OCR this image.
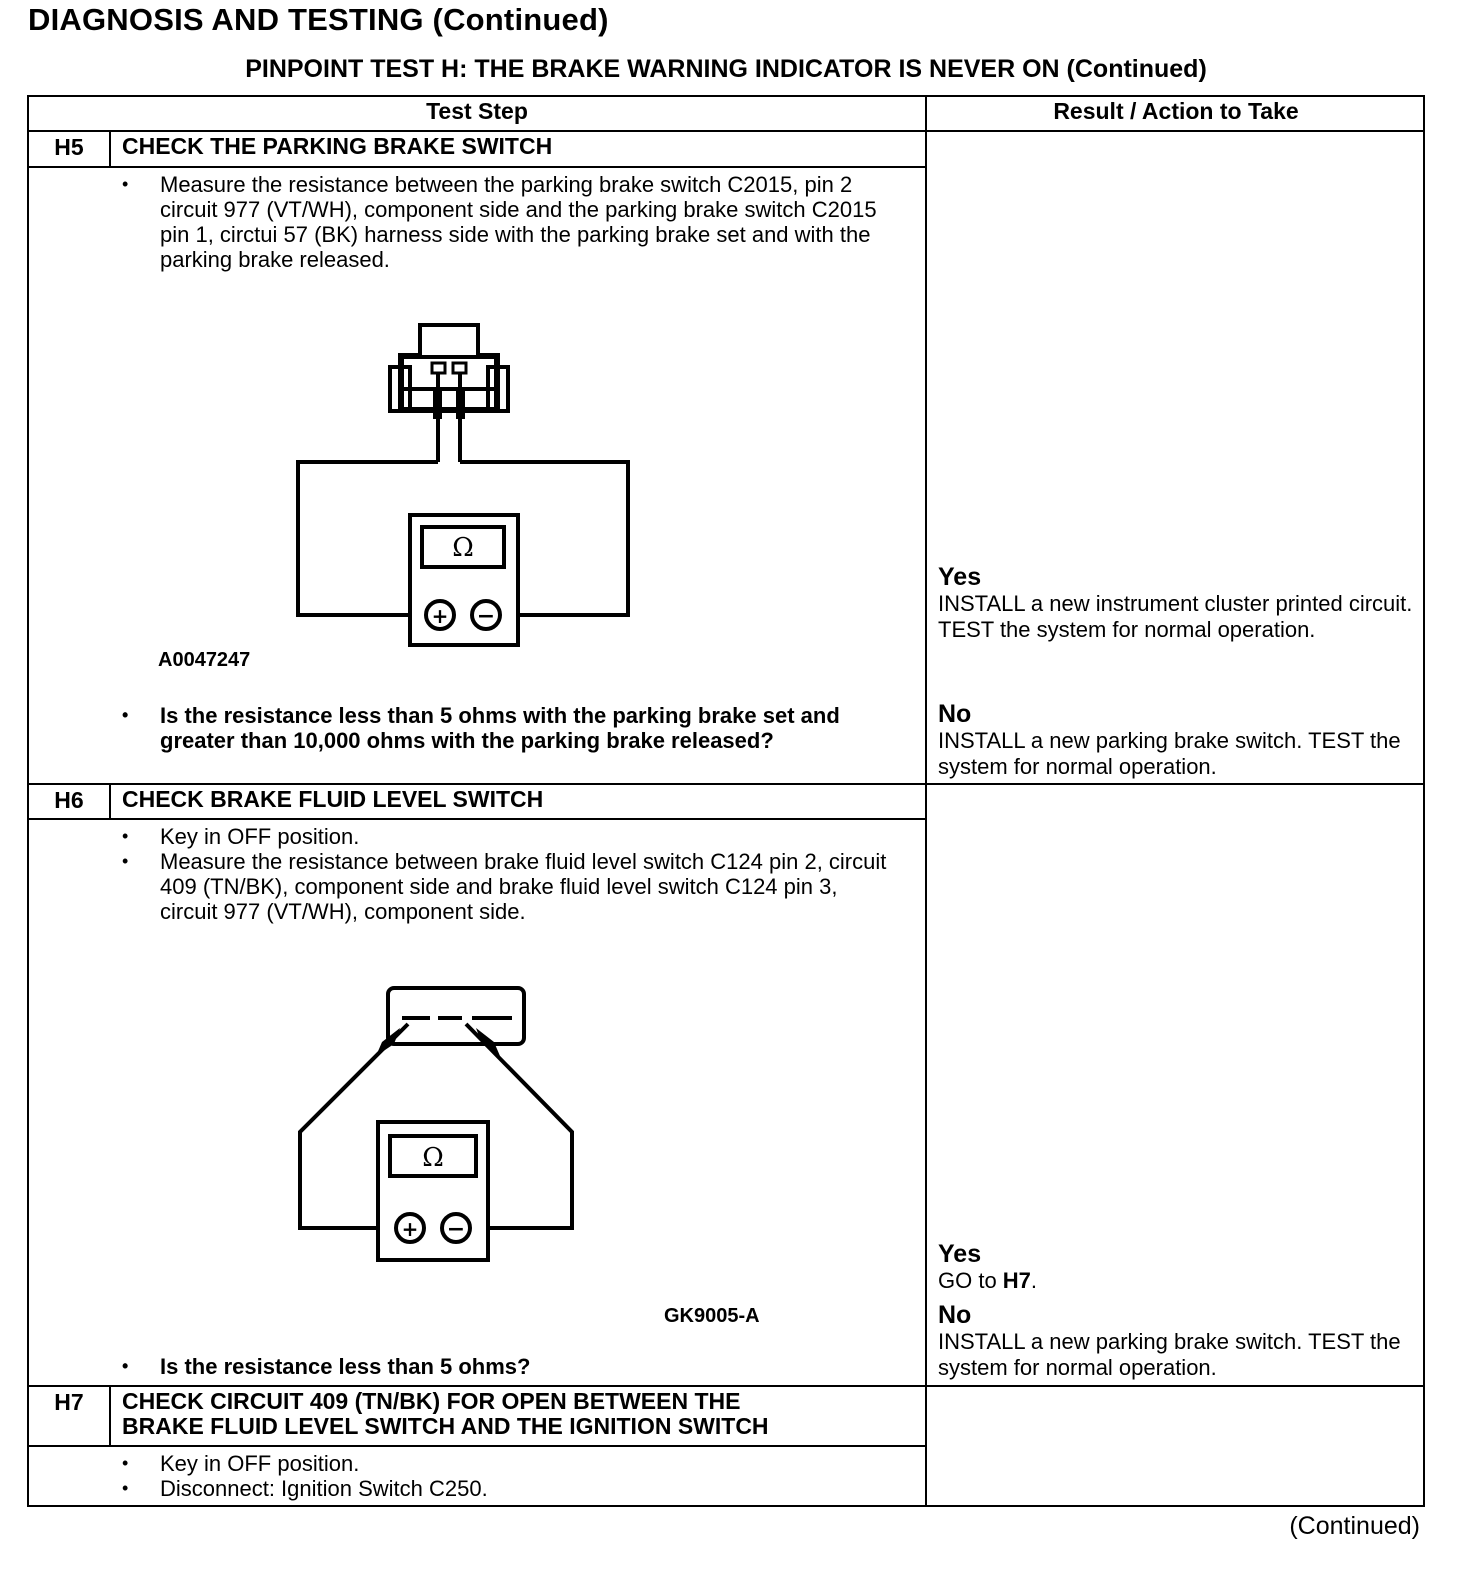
DIAGNOSIS AND TESTING (Continued)
PINPOINT TEST H: THE BRAKE WARNING INDICATOR IS NEVER ON (Continued)
Test Step	Result / Action to Take
H5	CHECK THE PARKING BRAKE SWITCH
• Measure the resistance between the parking brake switch C2015, pin 2 circuit 977 (VT/WH), component side and the parking brake switch C2015 pin 1, circtui 57 (BK) harness side with the parking brake set and with the parking brake released.
Ω
+ −
A0047247
• Is the resistance less than 5 ohms with the parking brake set and greater than 10,000 ohms with the parking brake released?
Yes
INSTALL a new instrument cluster printed circuit. TEST the system for normal operation.
No
INSTALL a new parking brake switch. TEST the system for normal operation.
H6	CHECK BRAKE FLUID LEVEL SWITCH
• Key in OFF position.
• Measure the resistance between brake fluid level switch C124 pin 2, circuit 409 (TN/BK), component side and brake fluid level switch C124 pin 3, circuit 977 (VT/WH), component side.
Ω
+ −
GK9005-A
• Is the resistance less than 5 ohms?
Yes
GO to H7.
No
INSTALL a new parking brake switch. TEST the system for normal operation.
H7	CHECK CIRCUIT 409 (TN/BK) FOR OPEN BETWEEN THE
BRAKE FLUID LEVEL SWITCH AND THE IGNITION SWITCH
• Key in OFF position.
• Disconnect: Ignition Switch C250.
(Continued)
